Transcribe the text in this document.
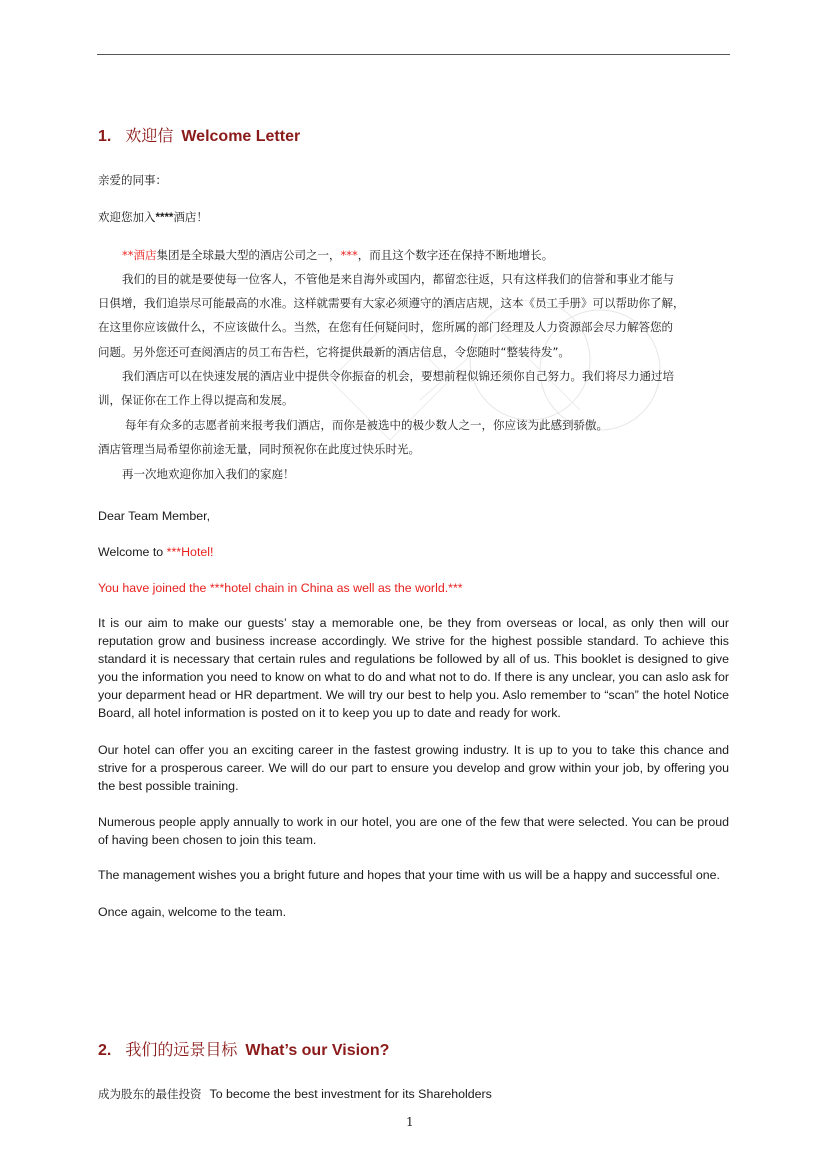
1. 欢迎信 Welcome Letter
亲爱的同事：
欢迎您加入****酒店！
**酒店集团是全球最大型的酒店公司之一，***，而且这个数字还在保持不断地增长。
我们的目的就是要使每一位客人，不管他是来自海外或国内，都留恋往返，只有这样我们的信誉和事业才能与
日俱增，我们追崇尽可能最高的水准。这样就需要有大家必须遵守的酒店店规，这本《员工手册》可以帮助你了解，
在这里你应该做什么，不应该做什么。当然，在您有任何疑问时，您所属的部门经理及人力资源部会尽力解答您的
问题。另外您还可查阅酒店的员工布告栏，它将提供最新的酒店信息，令您随时“整装待发”。
我们酒店可以在快速发展的酒店业中提供令你振奋的机会，要想前程似锦还须你自己努力。我们将尽力通过培
训，保证你在工作上得以提高和发展。
每年有众多的志愿者前来报考我们酒店，而你是被选中的极少数人之一，你应该为此感到骄傲。
酒店管理当局希望你前途无量，同时预祝你在此度过快乐时光。
再一次地欢迎你加入我们的家庭！
Dear Team Member,
Welcome to ***Hotel!
You have joined the ***hotel chain in China as well as the world.***
It is our aim to make our guests’ stay a memorable one, be they from overseas or local, as only then will our reputation grow and business increase accordingly. We strive for the highest possible standard. To achieve this standard it is necessary that certain rules and regulations be followed by all of us. This booklet is designed to give you the information you need to know on what to do and what not to do. If there is any unclear, you can aslo ask for your deparment head or HR department. We will try our best to help you. Aslo remember to “scan” the hotel Notice Board, all hotel information is posted on it to keep you up to date and ready for work.
Our hotel can offer you an exciting career in the fastest growing industry. It is up to you to take this chance and strive for a prosperous career. We will do our part to ensure you develop and grow within your job, by offering you the best possible training.
Numerous people apply annually to work in our hotel, you are one of the few that were selected. You can be proud of having been chosen to join this team.
The management wishes you a bright future and hopes that your time with us will be a happy and successful one.
Once again, welcome to the team.
2. 我们的远景目标 What’s our Vision?
成为股东的最佳投资 To become the best investment for its Shareholders
1
